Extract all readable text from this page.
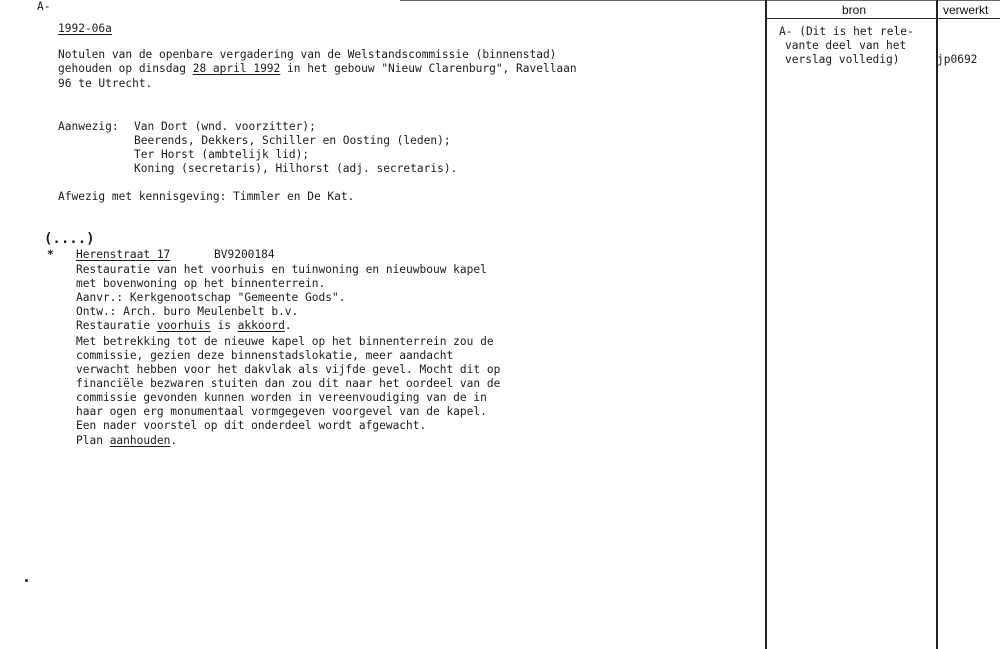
bron	verwerkt
A- (Dit is het rele-
vante deel van het
verslag volledig)	jp0692
A-
1992-06a
Notulen van de openbare vergadering van de Welstandscommissie (binnenstad)
gehouden op dinsdag 28 april 1992 in het gebouw "Nieuw Clarenburg", Ravellaan
96 te Utrecht.
Aanwezig: Van Dort (wnd. voorzitter);
Beerends, Dekkers, Schiller en Oosting (leden);
Ter Horst (ambtelijk lid);
Koning (secretaris), Hilhorst (adj. secretaris).
Afwezig met kennisgeving: Timmler en De Kat.
(....)
* Herenstraat 17	BV9200184
Restauratie van het voorhuis en tuinwoning en nieuwbouw kapel
met bovenwoning op het binnenterrein.
Aanvr.: Kerkgenootschap "Gemeente Gods".
Ontw.: Arch. buro Meulenbelt b.v.
Restauratie voorhuis is akkoord.
Met betrekking tot de nieuwe kapel op het binnenterrein zou de
commissie, gezien deze binnenstadslokatie, meer aandacht
verwacht hebben voor het dakvlak als vijfde gevel. Mocht dit op
financiële bezwaren stuiten dan zou dit naar het oordeel van de
commissie gevonden kunnen worden in vereenvoudiging van de in
haar ogen erg monumentaal vormgegeven voorgevel van de kapel.
Een nader voorstel op dit onderdeel wordt afgewacht.
Plan aanhouden.
